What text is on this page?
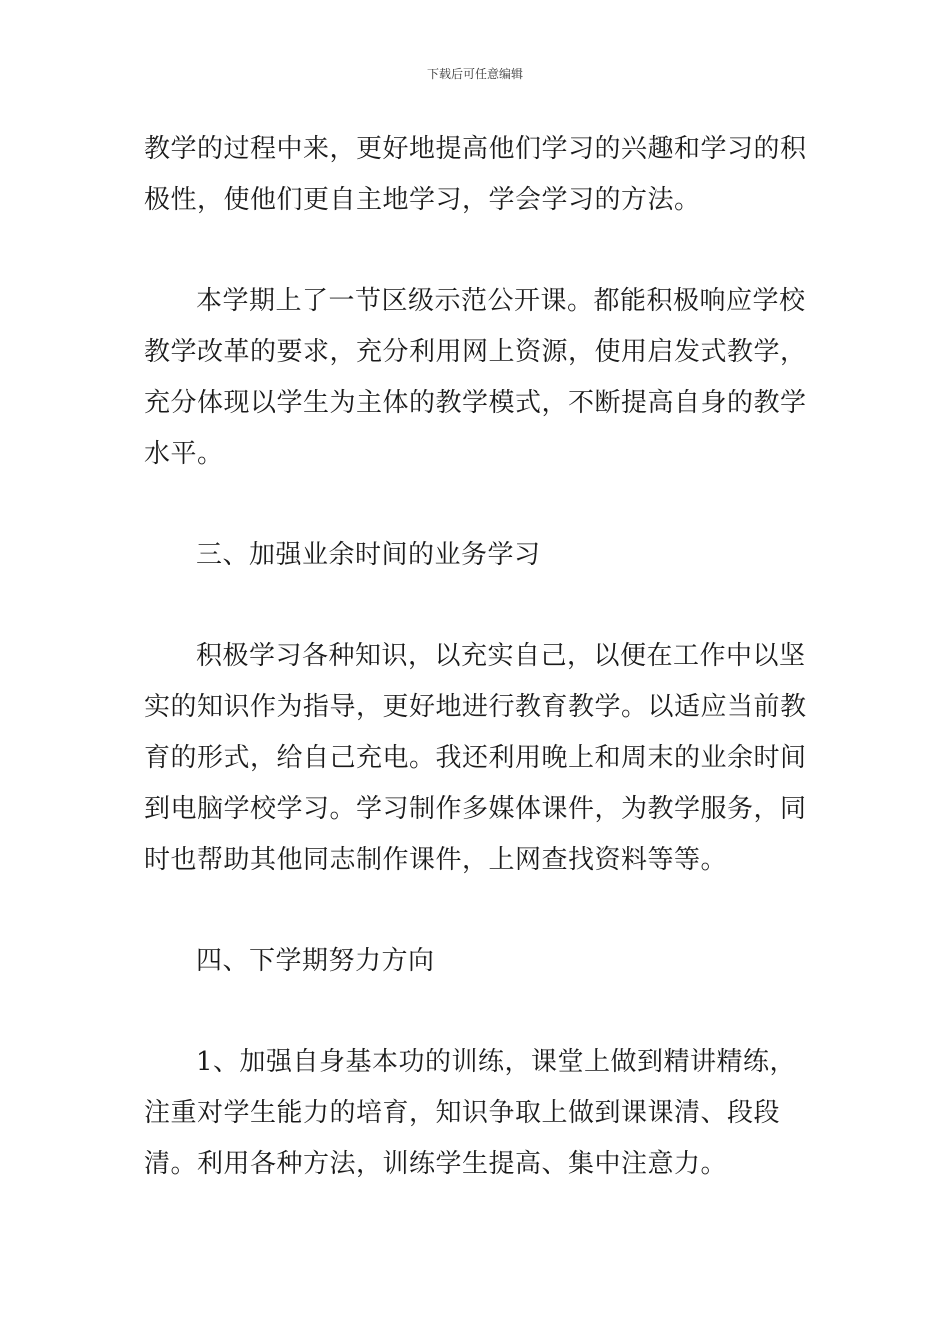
下载后可任意编辑

教学的过程中来，更好地提高他们学习的兴趣和学习的积极性，使他们更自主地学习，学会学习的方法。

本学期上了一节区级示范公开课。都能积极响应学校教学改革的要求，充分利用网上资源，使用启发式教学，充分体现以学生为主体的教学模式，不断提高自身的教学水平。

三、加强业余时间的业务学习

积极学习各种知识，以充实自己，以便在工作中以坚实的知识作为指导，更好地进行教育教学。以适应当前教育的形式，给自己充电。我还利用晚上和周末的业余时间到电脑学校学习。学习制作多媒体课件，为教学服务，同时也帮助其他同志制作课件，上网查找资料等等。

四、下学期努力方向

1、加强自身基本功的训练，课堂上做到精讲精练，注重对学生能力的培育，知识争取上做到课课清、段段清。利用各种方法，训练学生提高、集中注意力。
